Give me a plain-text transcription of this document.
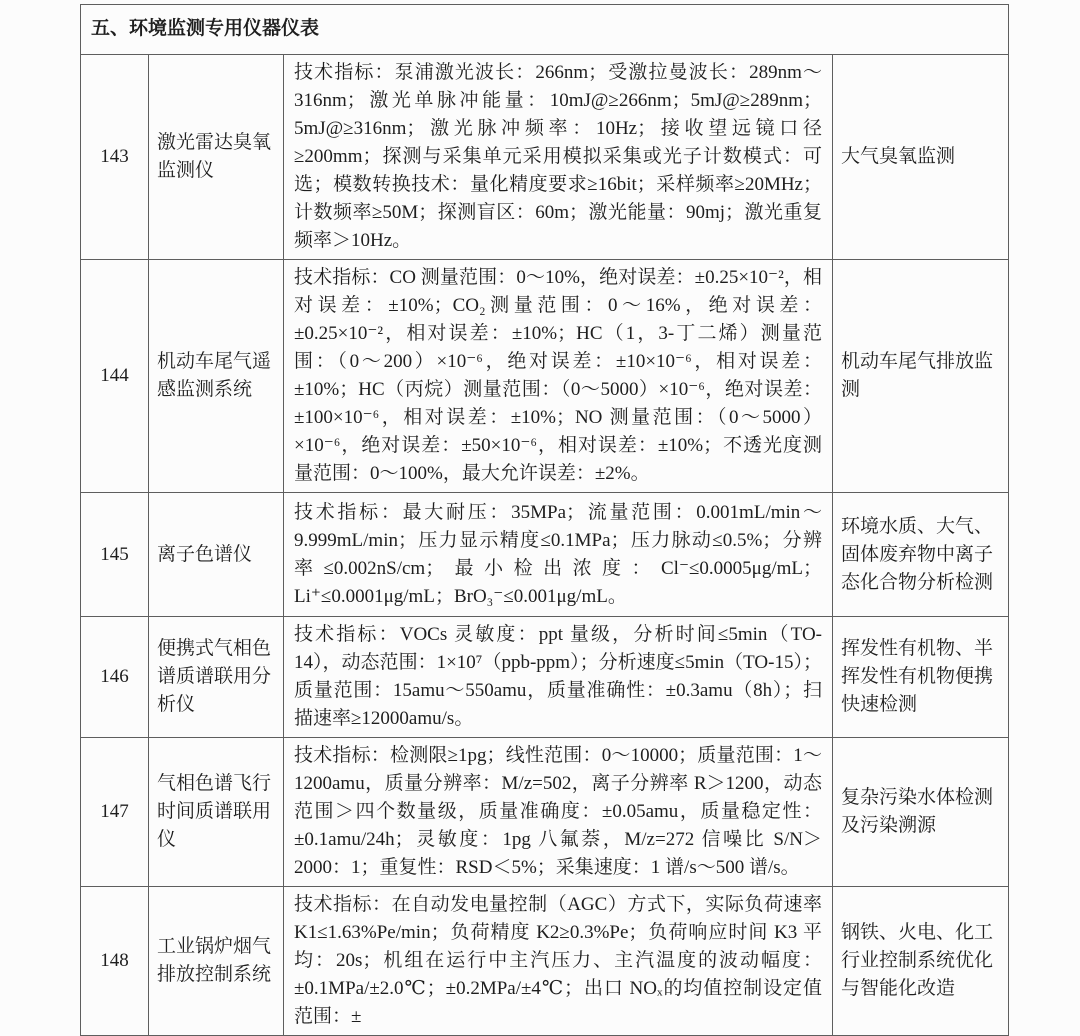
五、环境监测专用仪器仪表			
143	激光雷达臭氧监测仪	技术指标：泵浦激光波长：266nm；受激拉曼波长：289nm～316nm；激光单脉冲能量：10mJ@≥266nm；5mJ@≥289nm；5mJ@≥316nm；激光脉冲频率：10Hz；接收望远镜口径≥200mm；探测与采集单元采用模拟采集或光子计数模式：可选；模数转换技术：量化精度要求≥16bit；采样频率≥20MHz；计数频率≥50M；探测盲区：60m；激光能量：90mj；激光重复频率＞10Hz。	大气臭氧监测
144	机动车尾气遥感监测系统	技术指标：CO 测量范围：0～10%，绝对误差：±0.25×10⁻²，相对误差：±10%；CO₂测量范围：0～16%，绝对误差：±0.25×10⁻²，相对误差：±10%；HC（1，3-丁二烯）测量范围：（0～200）×10⁻⁶，绝对误差：±10×10⁻⁶，相对误差：±10%；HC（丙烷）测量范围：（0～5000）×10⁻⁶，绝对误差：±100×10⁻⁶，相对误差：±10%；NO 测量范围：（0～5000）×10⁻⁶，绝对误差：±50×10⁻⁶，相对误差：±10%；不透光度测量范围：0～100%，最大允许误差：±2%。	机动车尾气排放监测
145	离子色谱仪	技术指标：最大耐压：35MPa；流量范围：0.001mL/min～9.999mL/min；压力显示精度≤0.1MPa；压力脉动≤0.5%；分辨率≤0.002nS/cm；最小检出浓度：Cl⁻≤0.0005μg/mL；Li⁺≤0.0001μg/mL；BrO₃⁻≤0.001μg/mL。	环境水质、大气、固体废弃物中离子态化合物分析检测
146	便携式气相色谱质谱联用分析仪	技术指标：VOCs 灵敏度：ppt 量级，分析时间≤5min（TO-14），动态范围：1×10⁷（ppb-ppm）；分析速度≤5min（TO-15）；质量范围：15amu～550amu，质量准确性：±0.3amu（8h）；扫描速率≥12000amu/s。	挥发性有机物、半挥发性有机物便携快速检测
147	气相色谱飞行时间质谱联用仪	技术指标：检测限≥1pg；线性范围：0～10000；质量范围：1～1200amu，质量分辨率：M/z=502，离子分辨率 R＞1200，动态范围＞四个数量级，质量准确度：±0.05amu，质量稳定性：±0.1amu/24h；灵敏度：1pg 八氟萘，M/z=272 信噪比 S/N＞2000：1；重复性：RSD＜5%；采集速度：1 谱/s～500 谱/s。	复杂污染水体检测及污染溯源
148	工业锅炉烟气排放控制系统	技术指标：在自动发电量控制（AGC）方式下，实际负荷速率 K1≤1.63%Pe/min；负荷精度 K2≥0.3%Pe；负荷响应时间 K3 平均：20s；机组在运行中主汽压力、主汽温度的波动幅度：±0.1MPa/±2.0℃；±0.2MPa/±4℃；出口 NOₓ的均值控制设定值范围：±	钢铁、火电、化工行业控制系统优化与智能化改造
